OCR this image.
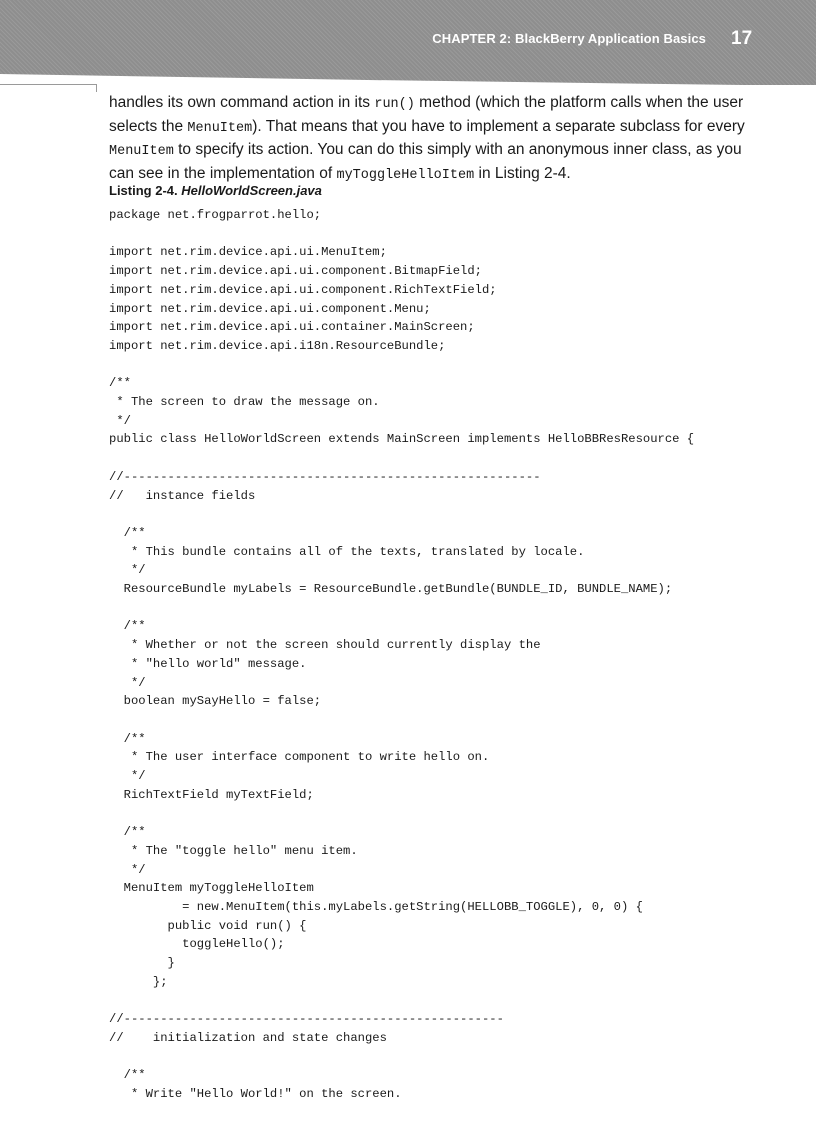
CHAPTER 2: BlackBerry Application Basics 17

handles its own command action in its run() method (which the platform calls when the user selects the MenuItem). That means that you have to implement a separate subclass for every MenuItem to specify its action. You can do this simply with an anonymous inner class, as you can see in the implementation of myToggleHelloItem in Listing 2-4.

Listing 2-4. HelloWorldScreen.java
package net.frogparrot.hello;

import net.rim.device.api.ui.MenuItem;
import net.rim.device.api.ui.component.BitmapField;
import net.rim.device.api.ui.component.RichTextField;
import net.rim.device.api.ui.component.Menu;
import net.rim.device.api.ui.container.MainScreen;
import net.rim.device.api.i18n.ResourceBundle;

/**
* The screen to draw the message on.
*/
public class HelloWorldScreen extends MainScreen implements HelloBBResResource {

//---------------------------------------------------------
//   instance fields

/**
* This bundle contains all of the texts, translated by locale.
*/
ResourceBundle myLabels = ResourceBundle.getBundle(BUNDLE_ID, BUNDLE_NAME);

/**
* Whether or not the screen should currently display the
* "hello world" message.
*/
boolean mySayHello = false;

/**
* The user interface component to write hello on.
*/
RichTextField myTextField;

/**
* The "toggle hello" menu item.
*/
MenuItem myToggleHelloItem
= new.MenuItem(this.myLabels.getString(HELLOBB_TOGGLE), 0, 0) {
public void run() {
toggleHello();
}
};

//----------------------------------------------------
//    initialization and state changes

/**
* Write "Hello World!" on the screen.
